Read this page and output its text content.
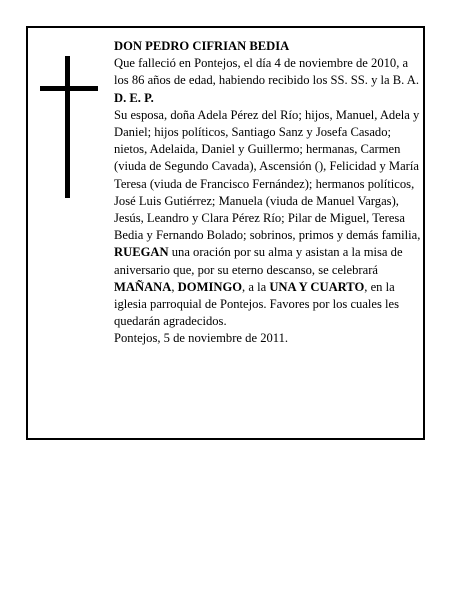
DON PEDRO CIFRIAN BEDIA

Que falleció en Pontejos, el día 4 de noviembre de 2010, a los 86 años de edad, habiendo recibido los SS. SS. y la B. A.

D. E. P.

Su esposa, doña Adela Pérez del Río; hijos, Manuel, Adela y Daniel; hijos políticos, Santiago Sanz y Josefa Casado; nietos, Adelaida, Daniel y Guillermo; hermanas, Carmen (viuda de Segundo Cavada), Ascensión (), Felicidad y María Teresa (viuda de Francisco Fernández); hermanos políticos, José Luis Gutiérrez; Manuela (viuda de Manuel Vargas), Jesús, Leandro y Clara Pérez Río; Pilar de Miguel, Teresa Bedia y Fernando Bolado; sobrinos, primos y demás familia,

RUEGAN una oración por su alma y asistan a la misa de aniversario que, por su eterno descanso, se celebrará MAÑANA, DOMINGO, a la UNA Y CUARTO, en la iglesia parroquial de Pontejos. Favores por los cuales les quedarán agradecidos.

Pontejos, 5 de noviembre de 2011.
